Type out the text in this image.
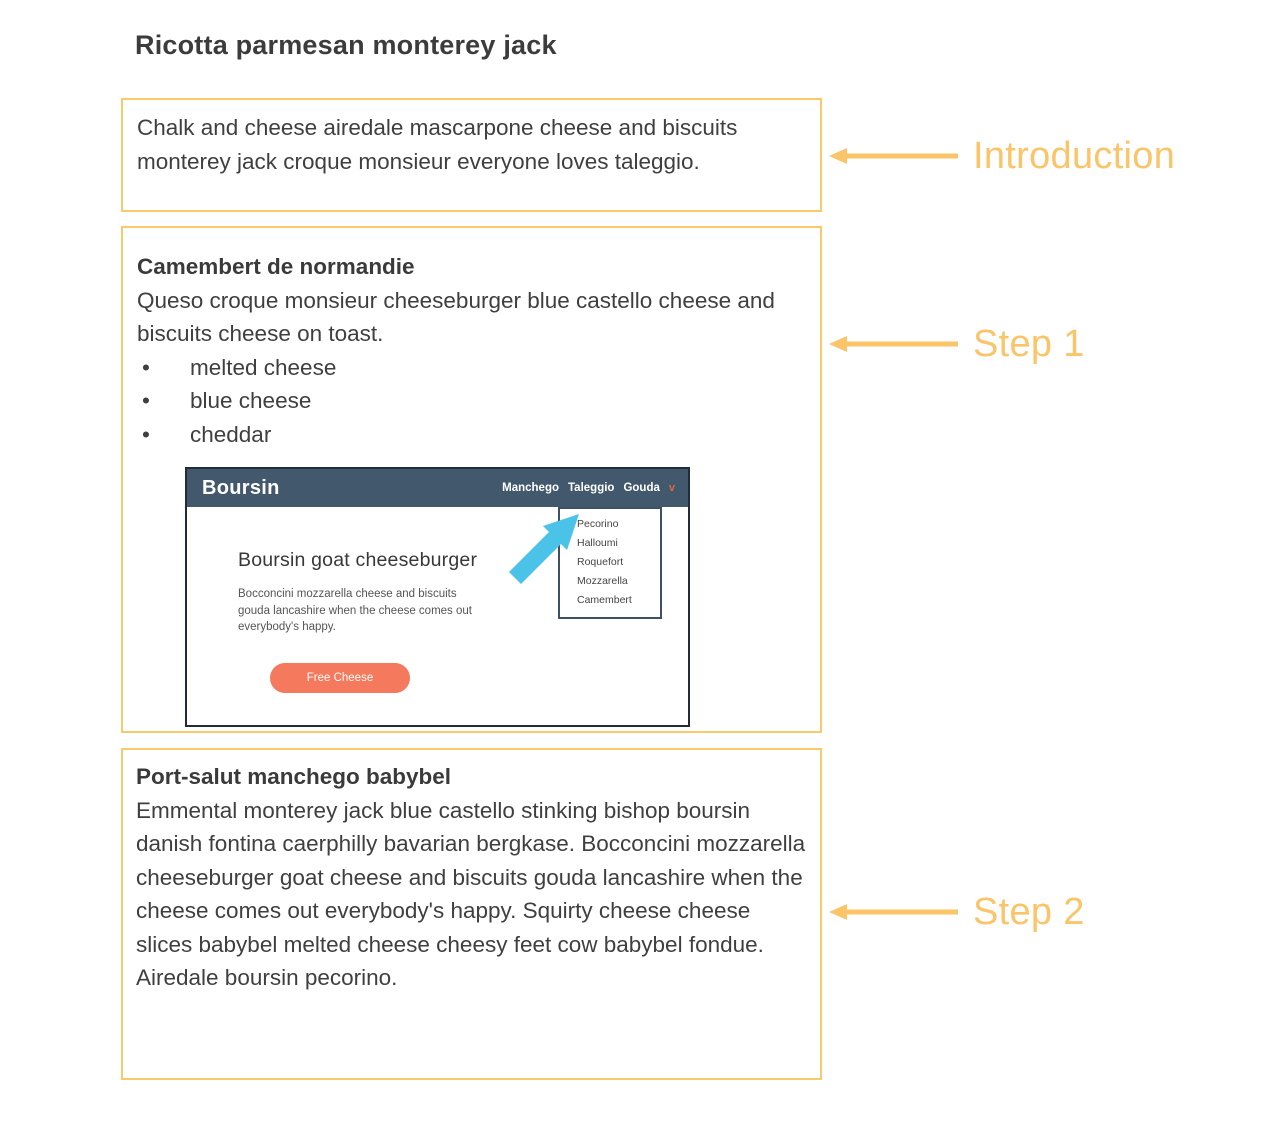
Ricotta parmesan monterey jack
Chalk and cheese airedale mascarpone cheese and biscuits monterey jack croque monsieur everyone loves taleggio.
Camembert de normandie
Queso croque monsieur cheeseburger blue castello cheese and biscuits cheese on toast.
•	melted cheese
•	blue cheese
•	cheddar
Boursin	Manchego Taleggio Gouda v
Pecorino
Halloumi
Roquefort
Mozzarella
Camembert
Boursin goat cheeseburger
Bocconcini mozzarella cheese and biscuits gouda lancashire when the cheese comes out everybody's happy.
Free Cheese
Port-salut manchego babybel
Emmental monterey jack blue castello stinking bishop boursin danish fontina caerphilly bavarian bergkase. Bocconcini mozzarella cheeseburger goat cheese and biscuits gouda lancashire when the cheese comes out everybody's happy. Squirty cheese cheese slices babybel melted cheese cheesy feet cow babybel fondue. Airedale boursin pecorino.
Introduction
Step 1
Step 2
